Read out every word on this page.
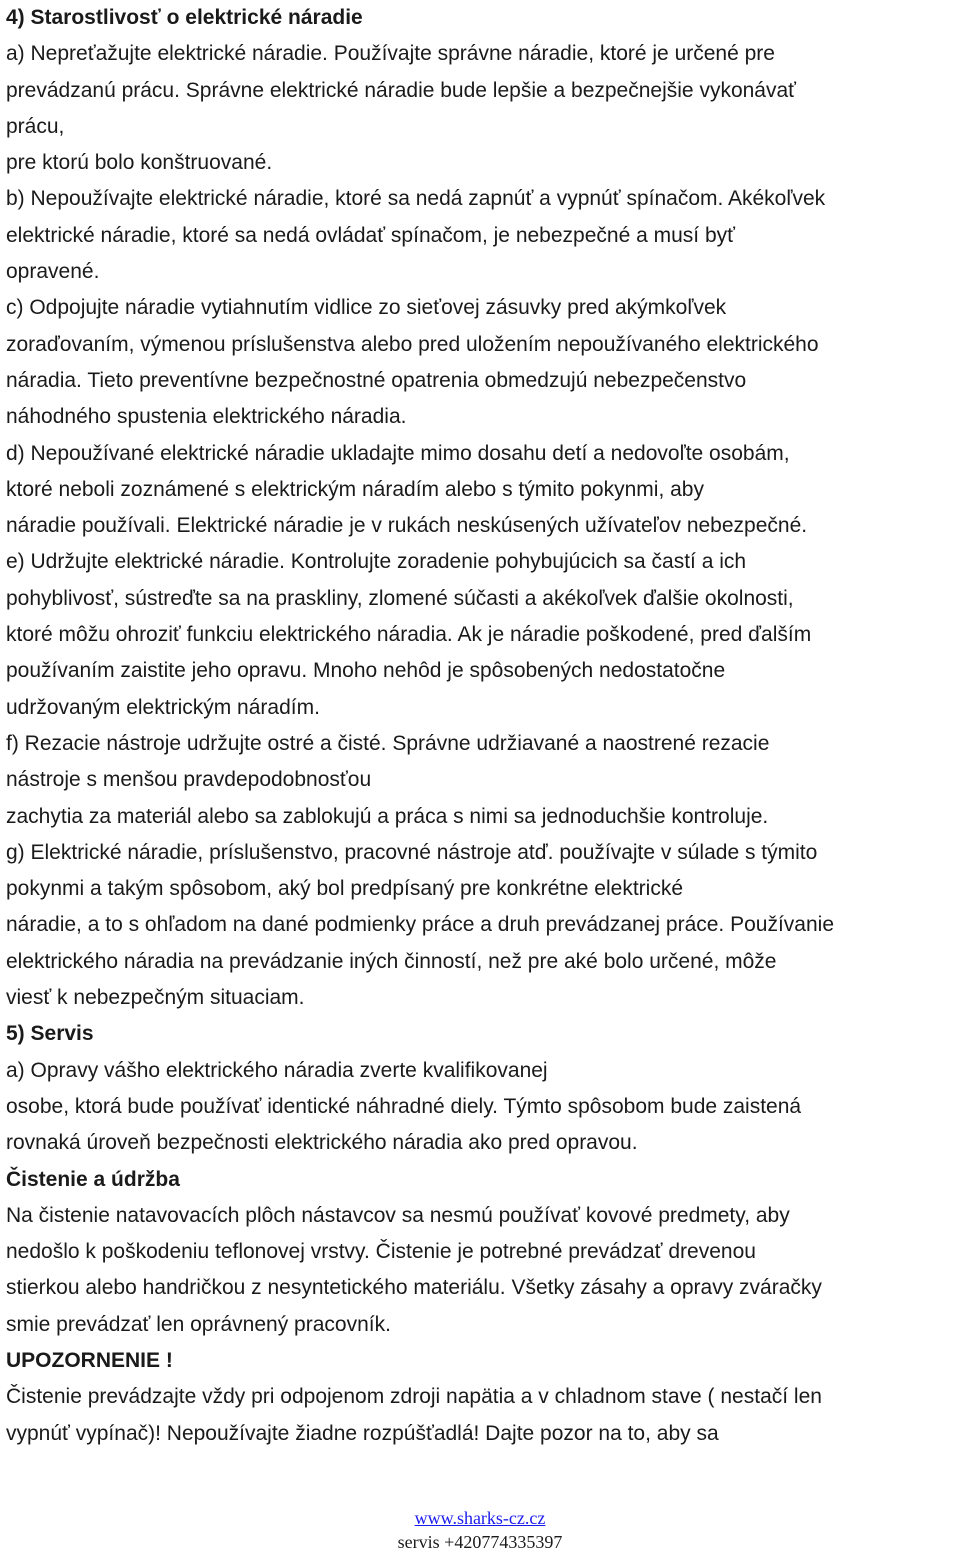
4) Starostlivosť o elektrické náradie
a) Nepreťažujte elektrické náradie. Používajte správne náradie, ktoré je určené pre
prevádzanú prácu. Správne elektrické náradie bude lepšie a bezpečnejšie vykonávať
prácu,
pre ktorú bolo konštruované.
b) Nepoužívajte elektrické náradie, ktoré sa nedá zapnúť a vypnúť spínačom. Akékoľvek
elektrické náradie, ktoré sa nedá ovládať spínačom, je nebezpečné a musí byť
opravené.
c) Odpojujte náradie vytiahnutím vidlice zo sieťovej zásuvky pred akýmkoľvek
zoraďovaním, výmenou príslušenstva alebo pred uložením nepoužívaného elektrického
náradia. Tieto preventívne bezpečnostné opatrenia obmedzujú nebezpečenstvo
náhodného spustenia elektrického náradia.
d) Nepoužívané elektrické náradie ukladajte mimo dosahu detí a nedovoľte osobám,
ktoré neboli zoznámené s elektrickým náradím alebo s týmito pokynmi, aby
náradie používali. Elektrické náradie je v rukách neskúsených užívateľov nebezpečné.
e) Udržujte elektrické náradie. Kontrolujte zoradenie pohybujúcich sa častí a ich
pohyblivosť, sústreďte sa na praskliny, zlomené súčasti a akékoľvek ďalšie okolnosti,
ktoré môžu ohroziť funkciu elektrického náradia. Ak je náradie poškodené, pred ďalším
používaním zaistite jeho opravu. Mnoho nehôd je spôsobených nedostatočne
udržovaným elektrickým náradím.
f) Rezacie nástroje udržujte ostré a čisté. Správne udržiavané a naostrené rezacie
nástroje s menšou pravdepodobnosťou
zachytia za materiál alebo sa zablokujú a práca s nimi sa jednoduchšie kontroluje.
g) Elektrické náradie, príslušenstvo, pracovné nástroje atď. používajte v súlade s týmito
pokynmi a takým spôsobom, aký bol predpísaný pre konkrétne elektrické
náradie, a to s ohľadom na dané podmienky práce a druh prevádzanej práce. Používanie
elektrického náradia na prevádzanie iných činností, než pre aké bolo určené, môže
viesť k nebezpečným situaciam.
5) Servis
a) Opravy vášho elektrického náradia zverte kvalifikovanej
osobe, ktorá bude používať identické náhradné diely. Týmto spôsobom bude zaistená
rovnaká úroveň bezpečnosti elektrického náradia ako pred opravou.
Čistenie a údržba
Na čistenie natavovacích plôch nástavcov sa nesmú používať kovové predmety, aby
nedošlo k poškodeniu teflonovej vrstvy. Čistenie je potrebné prevádzať drevenou
stierkou alebo handričkou z nesyntetického materiálu. Všetky zásahy a opravy zváračky
smie prevádzať len oprávnený pracovník.
UPOZORNENIE !
Čistenie prevádzajte vždy pri odpojenom zdroji napätia a v chladnom stave ( nestačí len
vypnúť vypínač)! Nepoužívajte žiadne rozpúšťadlá! Dajte pozor na to, aby sa
www.sharks-cz.cz
servis +420774335397
